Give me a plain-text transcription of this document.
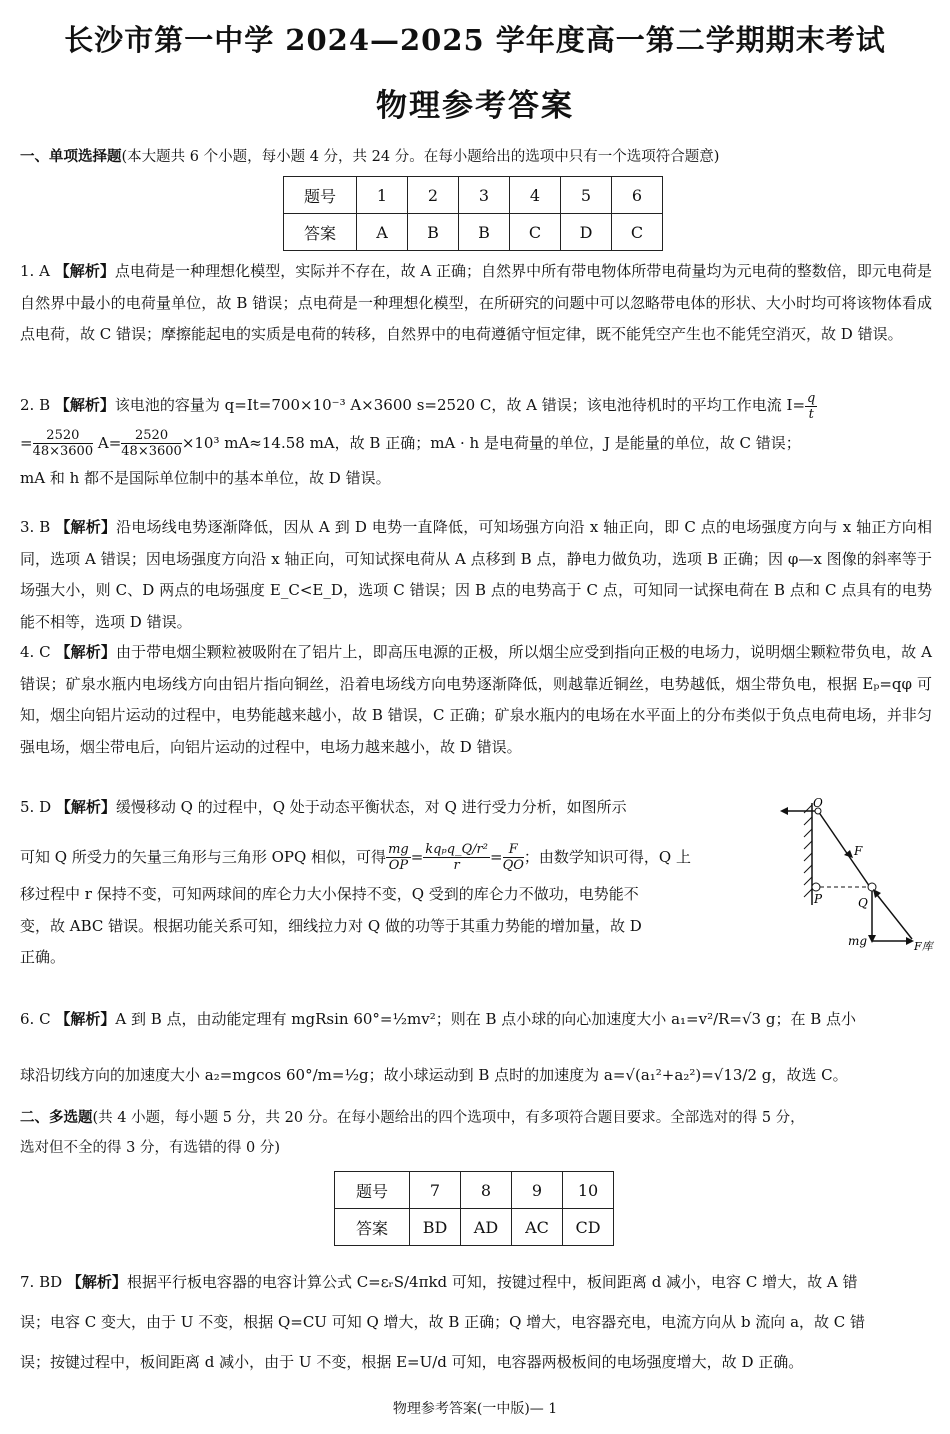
长沙市第一中学 2024—2025 学年度高一第二学期期末考试
物理参考答案
一、单项选择题(本大题共 6 个小题，每小题 4 分，共 24 分。在每小题给出的选项中只有一个选项符合题意)
题号	1	2	3	4	5	6
答案	A	B	B	C	D	C
1. A 【解析】点电荷是一种理想化模型，实际并不存在，故 A 正确；自然界中所有带电物体所带电荷量均为元电荷的整数倍，即元电荷是自然界中最小的电荷量单位，故 B 错误；点电荷是一种理想化模型，在所研究的问题中可以忽略带电体的形状、大小时均可将该物体看成点电荷，故 C 错误；摩擦能起电的实质是电荷的转移，自然界中的电荷遵循守恒定律，既不能凭空产生也不能凭空消灭，故 D 错误。
2. B 【解析】该电池的容量为 q=It=700×10⁻³ A×3600 s=2520 C，故 A 错误；该电池待机时的平均工作电流 $I= \frac{q}{t}$
= $\frac{2520}{48\times 3600} A= \frac{2520}{48\times 3600} \times 10^3$ mA≈14.58 mA，故 B 正确；mA · h 是电荷量的单位，J 是能量的单位，故 C 错误；
mA 和 h 都不是国际单位制中的基本单位，故 D 错误。
3. B 【解析】沿电场线电势逐渐降低，因从 A 到 D 电势一直降低，可知场强方向沿 x 轴正向，即 C 点的电场强度方向与 x 轴正方向相同，选项 A 错误；因电场强度方向沿 x 轴正向，可知试探电荷从 A 点移到 B 点，静电力做负功，选项 B 正确；因 φ—x 图像的斜率等于场强大小，则 C、D 两点的电场强度 E_C<E_D，选项 C 错误；因 B 点的电势高于 C 点，可知同一试探电荷在 B 点和 C 点具有的电势能不相等，选项 D 错误。
4. C 【解析】由于带电烟尘颗粒被吸附在了铝片上，即高压电源的正极，所以烟尘应受到指向正极的电场力，说明烟尘颗粒带负电，故 A 错误；矿泉水瓶内电场线方向由铝片指向铜丝，沿着电场线方向电势逐渐降低，则越靠近铜丝，电势越低，烟尘带负电，根据 Eₚ=qφ 可知，烟尘向铝片运动的过程中，电势能越来越小，故 B 错误，C 正确；矿泉水瓶内的电场在水平面上的分布类似于负点电荷电场，并非匀强电场，烟尘带电后，向铝片运动的过程中，电场力越来越小，故 D 错误。
5. D 【解析】缓慢移动 Q 的过程中，Q 处于动态平衡状态，对 Q 进行受力分析，如图所示
可知 Q 所受力的矢量三角形与三角形 OPQ 相似，可得 $\frac{mg}{OP} = \frac{\text{kqₚq\_Q/r²}}{r} = \frac{F}{QO}$ ；由数学知识可得，Q 上
移过程中 r 保持不变，可知两球间的库仑力大小保持不变，Q 受到的库仑力不做功，电势能不
变，故 ABC 错误。根据功能关系可知，细线拉力对 Q 做的功等于其重力势能的增加量，故 D
正确。
O
P	Q
F
mg	F库
6. C 【解析】A 到 B 点，由动能定理有 mgRsin 60°=½mv²；则在 B 点小球的向心加速度大小 a₁=v²/R=√3 g；在 B 点小
球沿切线方向的加速度大小 a₂=mgcos 60°/m=½g；故小球运动到 B 点时的加速度为 a=√(a₁²+a₂²)=√13/2 g，故选 C。
二、多选题(共 4 小题，每小题 5 分，共 20 分。在每小题给出的四个选项中，有多项符合题目要求。全部选对的得 5 分，
选对但不全的得 3 分，有选错的得 0 分)
题号	7	8	9	10
答案	BD	AD	AC	CD
7. BD 【解析】根据平行板电容器的电容计算公式 C=εᵣS/4πkd 可知，按键过程中，板间距离 d 减小，电容 C 增大，故 A 错
误；电容 C 变大，由于 U 不变，根据 Q=CU 可知 Q 增大，故 B 正确；Q 增大，电容器充电，电流方向从 b 流向 a，故 C 错
误；按键过程中，板间距离 d 减小，由于 U 不变，根据 E=U/d 可知，电容器两极板间的电场强度增大，故 D 正确。
物理参考答案(一中版)— 1
